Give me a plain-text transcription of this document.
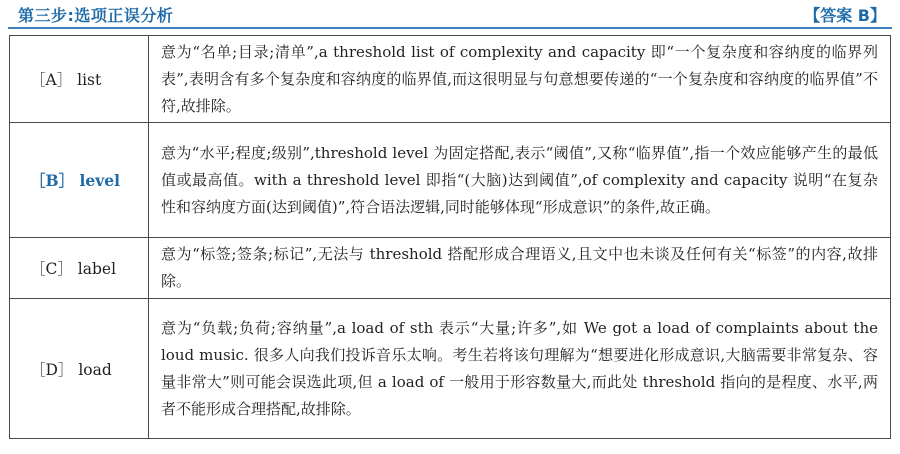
第三步:选项正误分析	【答案 B】
［A］ list	意为“名单;目录;清单”,a threshold list of complexity and capacity 即“一个复杂度和容纳度的临界列表”,表明含有多个复杂度和容纳度的临界值,而这很明显与句意想要传递的“一个复杂度和容纳度的临界值”不符,故排除。
［B］ level	意为“水平;程度;级别”,threshold level 为固定搭配,表示“阈值”,又称“临界值”,指一个效应能够产生的最低值或最高值。with a threshold level 即指“(大脑)达到阈值”,of complexity and capacity 说明“在复杂性和容纳度方面(达到阈值)”,符合语法逻辑,同时能够体现“形成意识”的条件,故正确。
［C］ label	意为“标签;签条;标记”,无法与 threshold 搭配形成合理语义,且文中也未谈及任何有关“标签”的内容,故排除。
［D］ load	意为“负载;负荷;容纳量”,a load of sth 表示“大量;许多”,如 We got a load of complaints about the loud music. 很多人向我们投诉音乐太响。考生若将该句理解为“想要进化形成意识,大脑需要非常复杂、容量非常大”则可能会误选此项,但 a load of 一般用于形容数量大,而此处 threshold 指向的是程度、水平,两者不能形成合理搭配,故排除。
